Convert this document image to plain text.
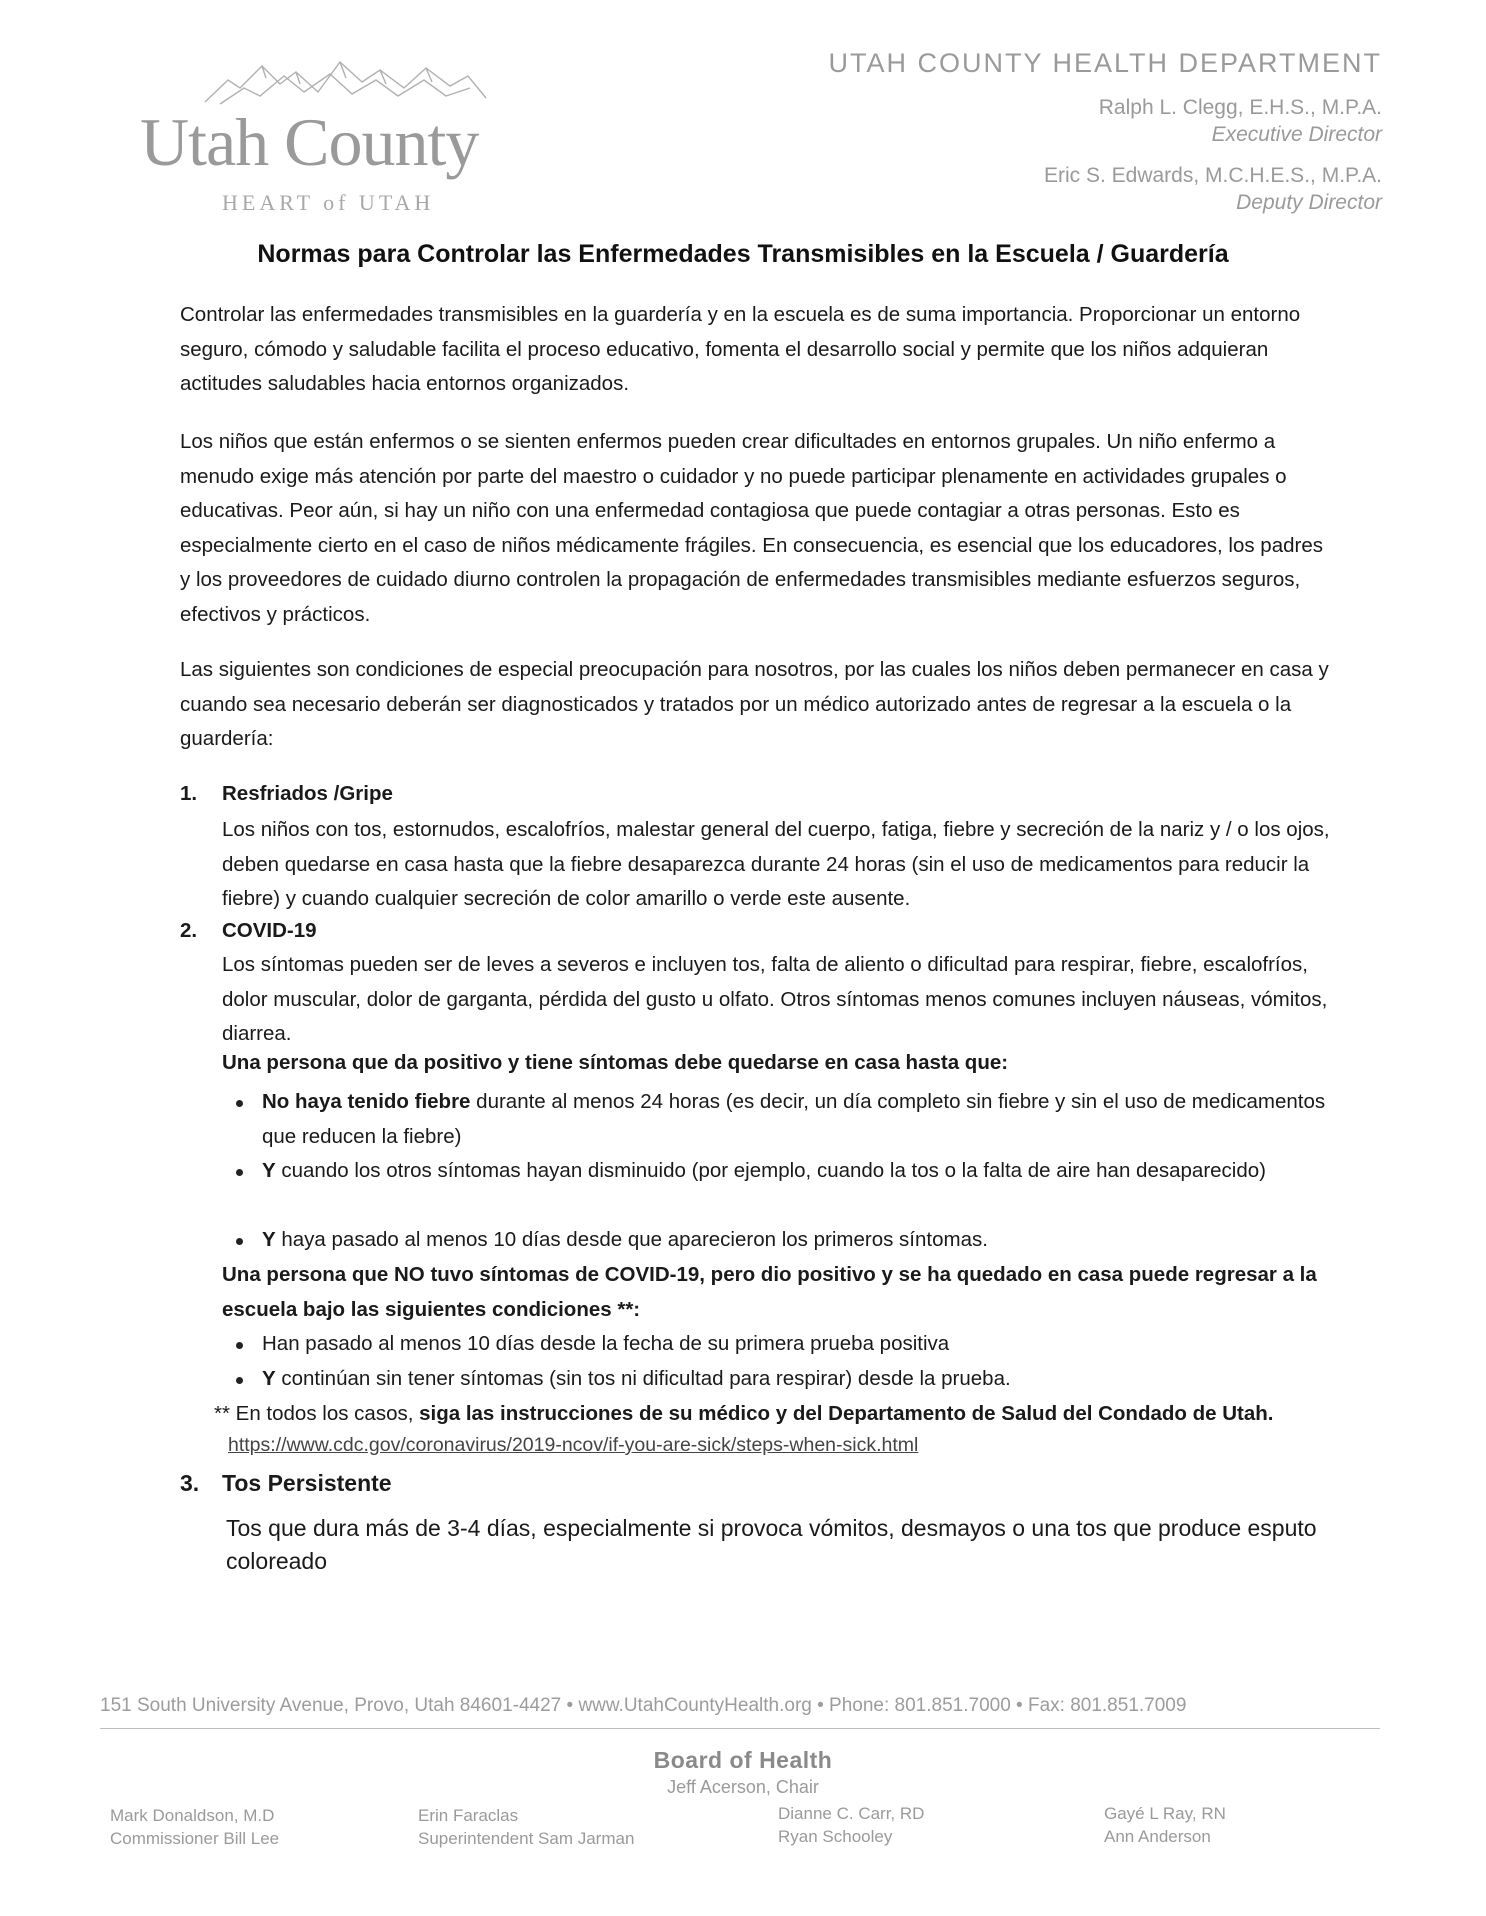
Utah County
HEART of UTAH
UTAH COUNTY HEALTH DEPARTMENT
Ralph L. Clegg, E.H.S., M.P.A.
Executive Director
Eric S. Edwards, M.C.H.E.S., M.P.A.
Deputy Director
Normas para Controlar las Enfermedades Transmisibles en la Escuela / Guardería

Controlar las enfermedades transmisibles en la guardería y en la escuela es de suma importancia. Proporcionar un entorno seguro, cómodo y saludable facilita el proceso educativo, fomenta el desarrollo social y permite que los niños adquieran actitudes saludables hacia entornos organizados.

Los niños que están enfermos o se sienten enfermos pueden crear dificultades en entornos grupales. Un niño enfermo a menudo exige más atención por parte del maestro o cuidador y no puede participar plenamente en actividades grupales o educativas. Peor aún, si hay un niño con una enfermedad contagiosa que puede contagiar a otras personas. Esto es especialmente cierto en el caso de niños médicamente frágiles. En consecuencia, es esencial que los educadores, los padres y los proveedores de cuidado diurno controlen la propagación de enfermedades transmisibles mediante esfuerzos seguros, efectivos y prácticos.

Las siguientes son condiciones de especial preocupación para nosotros, por las cuales los niños deben permanecer en casa y cuando sea necesario deberán ser diagnosticados y tratados por un médico autorizado antes de regresar a la escuela o la guardería:

1. Resfriados /Gripe

Los niños con tos, estornudos, escalofríos, malestar general del cuerpo, fatiga, fiebre y secreción de la nariz y / o los ojos, deben quedarse en casa hasta que la fiebre desaparezca durante 24 horas (sin el uso de medicamentos para reducir la fiebre) y cuando cualquier secreción de color amarillo o verde este ausente.

2. COVID-19

Los síntomas pueden ser de leves a severos e incluyen tos, falta de aliento o dificultad para respirar, fiebre, escalofríos, dolor muscular, dolor de garganta, pérdida del gusto u olfato. Otros síntomas menos comunes incluyen náuseas, vómitos, diarrea.

Una persona que da positivo y tiene síntomas debe quedarse en casa hasta que:
No haya tenido fiebre durante al menos 24 horas (es decir, un día completo sin fiebre y sin el uso de medicamentos que reducen la fiebre)
Y cuando los otros síntomas hayan disminuido (por ejemplo, cuando la tos o la falta de aire han desaparecido)
Y haya pasado al menos 10 días desde que aparecieron los primeros síntomas.

Una persona que NO tuvo síntomas de COVID-19, pero dio positivo y se ha quedado en casa puede regresar a la escuela bajo las siguientes condiciones **:

Han pasado al menos 10 días desde la fecha de su primera prueba positiva
Y continúan sin tener síntomas (sin tos ni dificultad para respirar) desde la prueba.
** En todos los casos, siga las instrucciones de su médico y del Departamento de Salud del Condado de Utah.
https://www.cdc.gov/coronavirus/2019-ncov/if-you-are-sick/steps-when-sick.html
3. Tos Persistente

Tos que dura más de 3-4 días, especialmente si provoca vómitos, desmayos o una tos que produce esputo coloreado

151 South University Avenue, Provo, Utah 84601-4427 • www.UtahCountyHealth.org • Phone: 801.851.7000 • Fax: 801.851.7009
Board of Health
Jeff Acerson, Chair
Mark Donaldson, M.D
Commissioner Bill Lee
Erin Faraclas
Superintendent Sam Jarman
Dianne C. Carr, RD
Ryan Schooley
Gayé L Ray, RN
Ann Anderson
